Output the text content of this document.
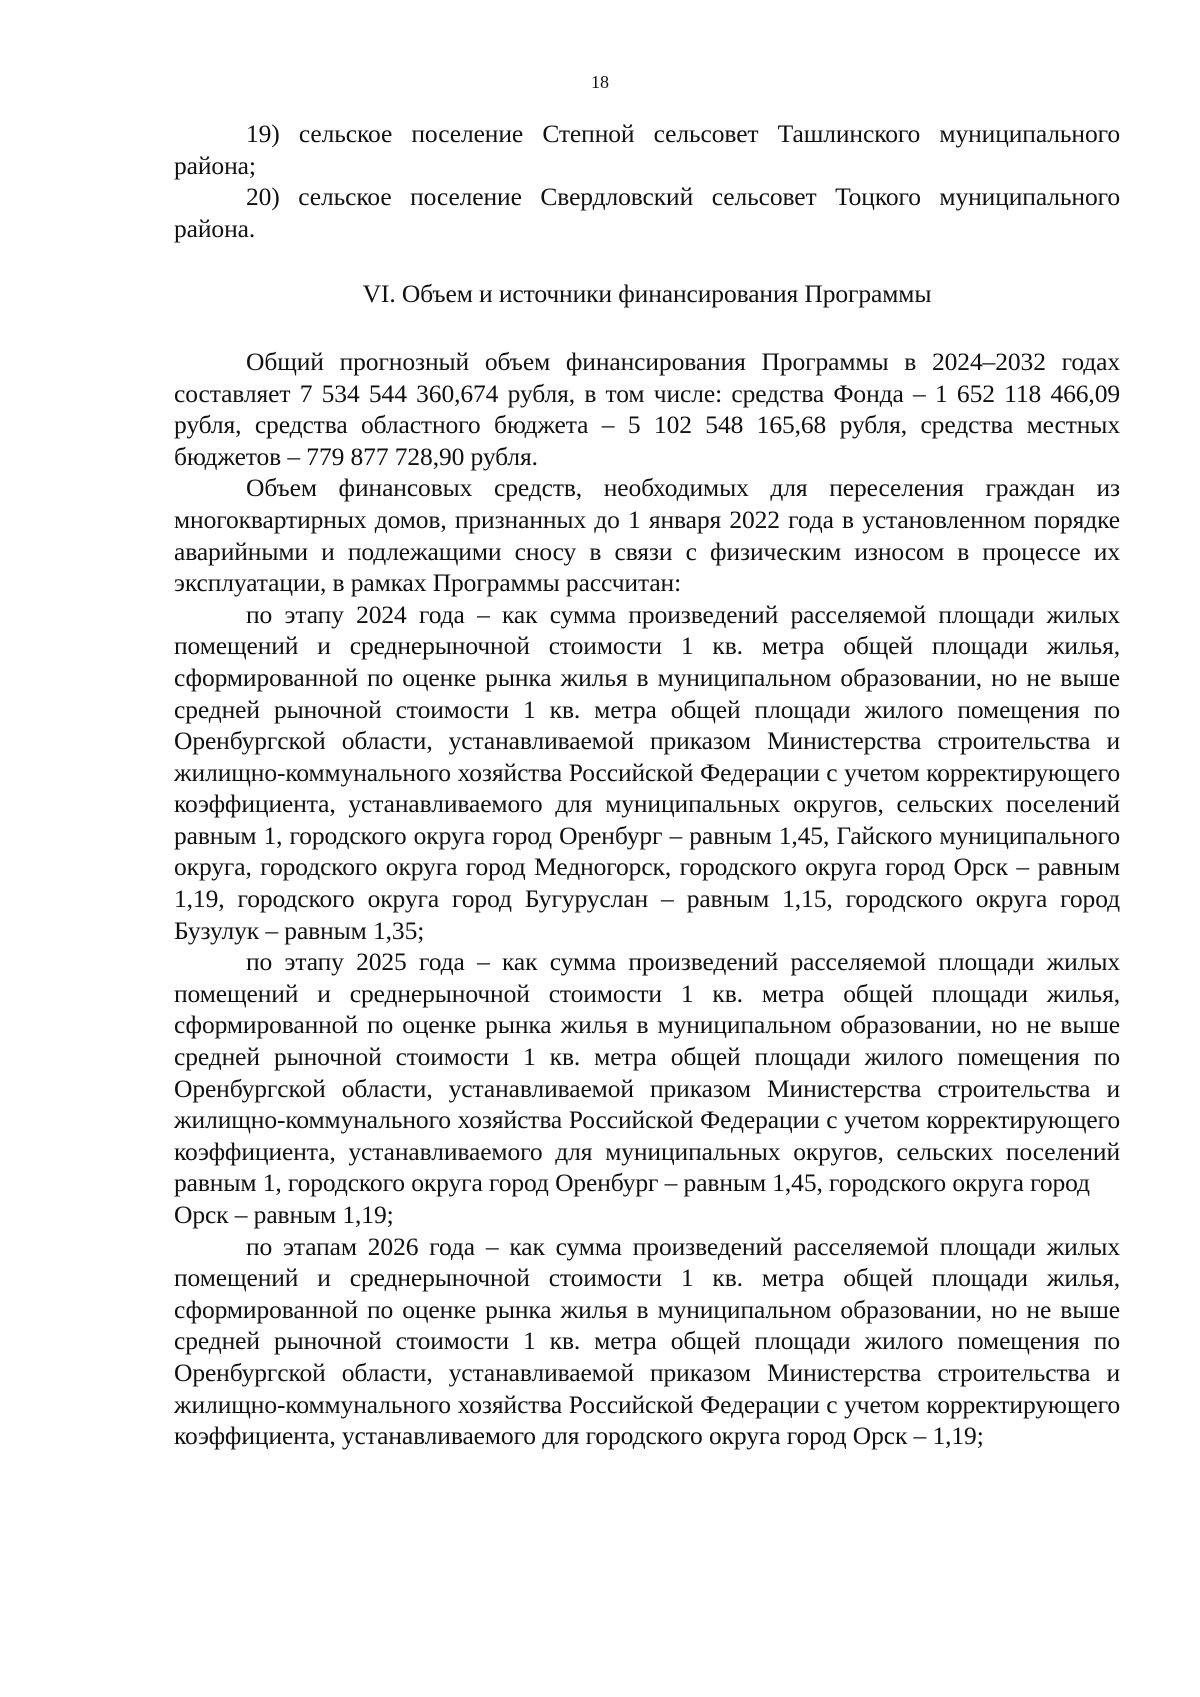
18

19) сельское поселение Степной сельсовет Ташлинского муниципального района;

20) сельское поселение Свердловский сельсовет Тоцкого муниципального района.

VI. Объем и источники финансирования Программы

Общий прогнозный объем финансирования Программы в 2024–2032 годах составляет 7 534 544 360,674 рубля, в том числе: средства Фонда – 1 652 118 466,09 рубля, средства областного бюджета – 5 102 548 165,68 рубля, средства местных бюджетов – 779 877 728,90 рубля.

Объем финансовых средств, необходимых для переселения граждан из многоквартирных домов, признанных до 1 января 2022 года в установленном порядке аварийными и подлежащими сносу в связи с физическим износом в процессе их эксплуатации, в рамках Программы рассчитан:

по этапу 2024 года – как сумма произведений расселяемой площади жилых помещений и среднерыночной стоимости 1 кв. метра общей площади жилья, сформированной по оценке рынка жилья в муниципальном образовании, но не выше средней рыночной стоимости 1 кв. метра общей площади жилого помещения по Оренбургской области, устанавливаемой приказом Министерства строительства и жилищно-коммунального хозяйства Российской Федерации с учетом корректирующего коэффициента, устанавливаемого для муниципальных округов, сельских поселений равным 1, городского округа город Оренбург – равным 1,45, Гайского муниципального округа, городского округа город Медногорск, городского округа город Орск – равным 1,19, городского округа город Бугуруслан – равным 1,15, городского округа город Бузулук – равным 1,35;

по этапу 2025 года – как сумма произведений расселяемой площади жилых помещений и среднерыночной стоимости 1 кв. метра общей площади жилья, сформированной по оценке рынка жилья в муниципальном образовании, но не выше средней рыночной стоимости 1 кв. метра общей площади жилого помещения по Оренбургской области, устанавливаемой приказом Министерства строительства и жилищно-коммунального хозяйства Российской Федерации с учетом корректирующего коэффициента, устанавливаемого для муниципальных округов, сельских поселений равным 1, городского округа город Оренбург – равным 1,45, городского округа город

Орск – равным 1,19;

по этапам 2026 года – как сумма произведений расселяемой площади жилых помещений и среднерыночной стоимости 1 кв. метра общей площади жилья, сформированной по оценке рынка жилья в муниципальном образовании, но не выше средней рыночной стоимости 1 кв. метра общей площади жилого помещения по Оренбургской области, устанавливаемой приказом Министерства строительства и жилищно-коммунального хозяйства Российской Федерации с учетом корректирующего коэффициента, устанавливаемого для городского округа город Орск – 1,19;
